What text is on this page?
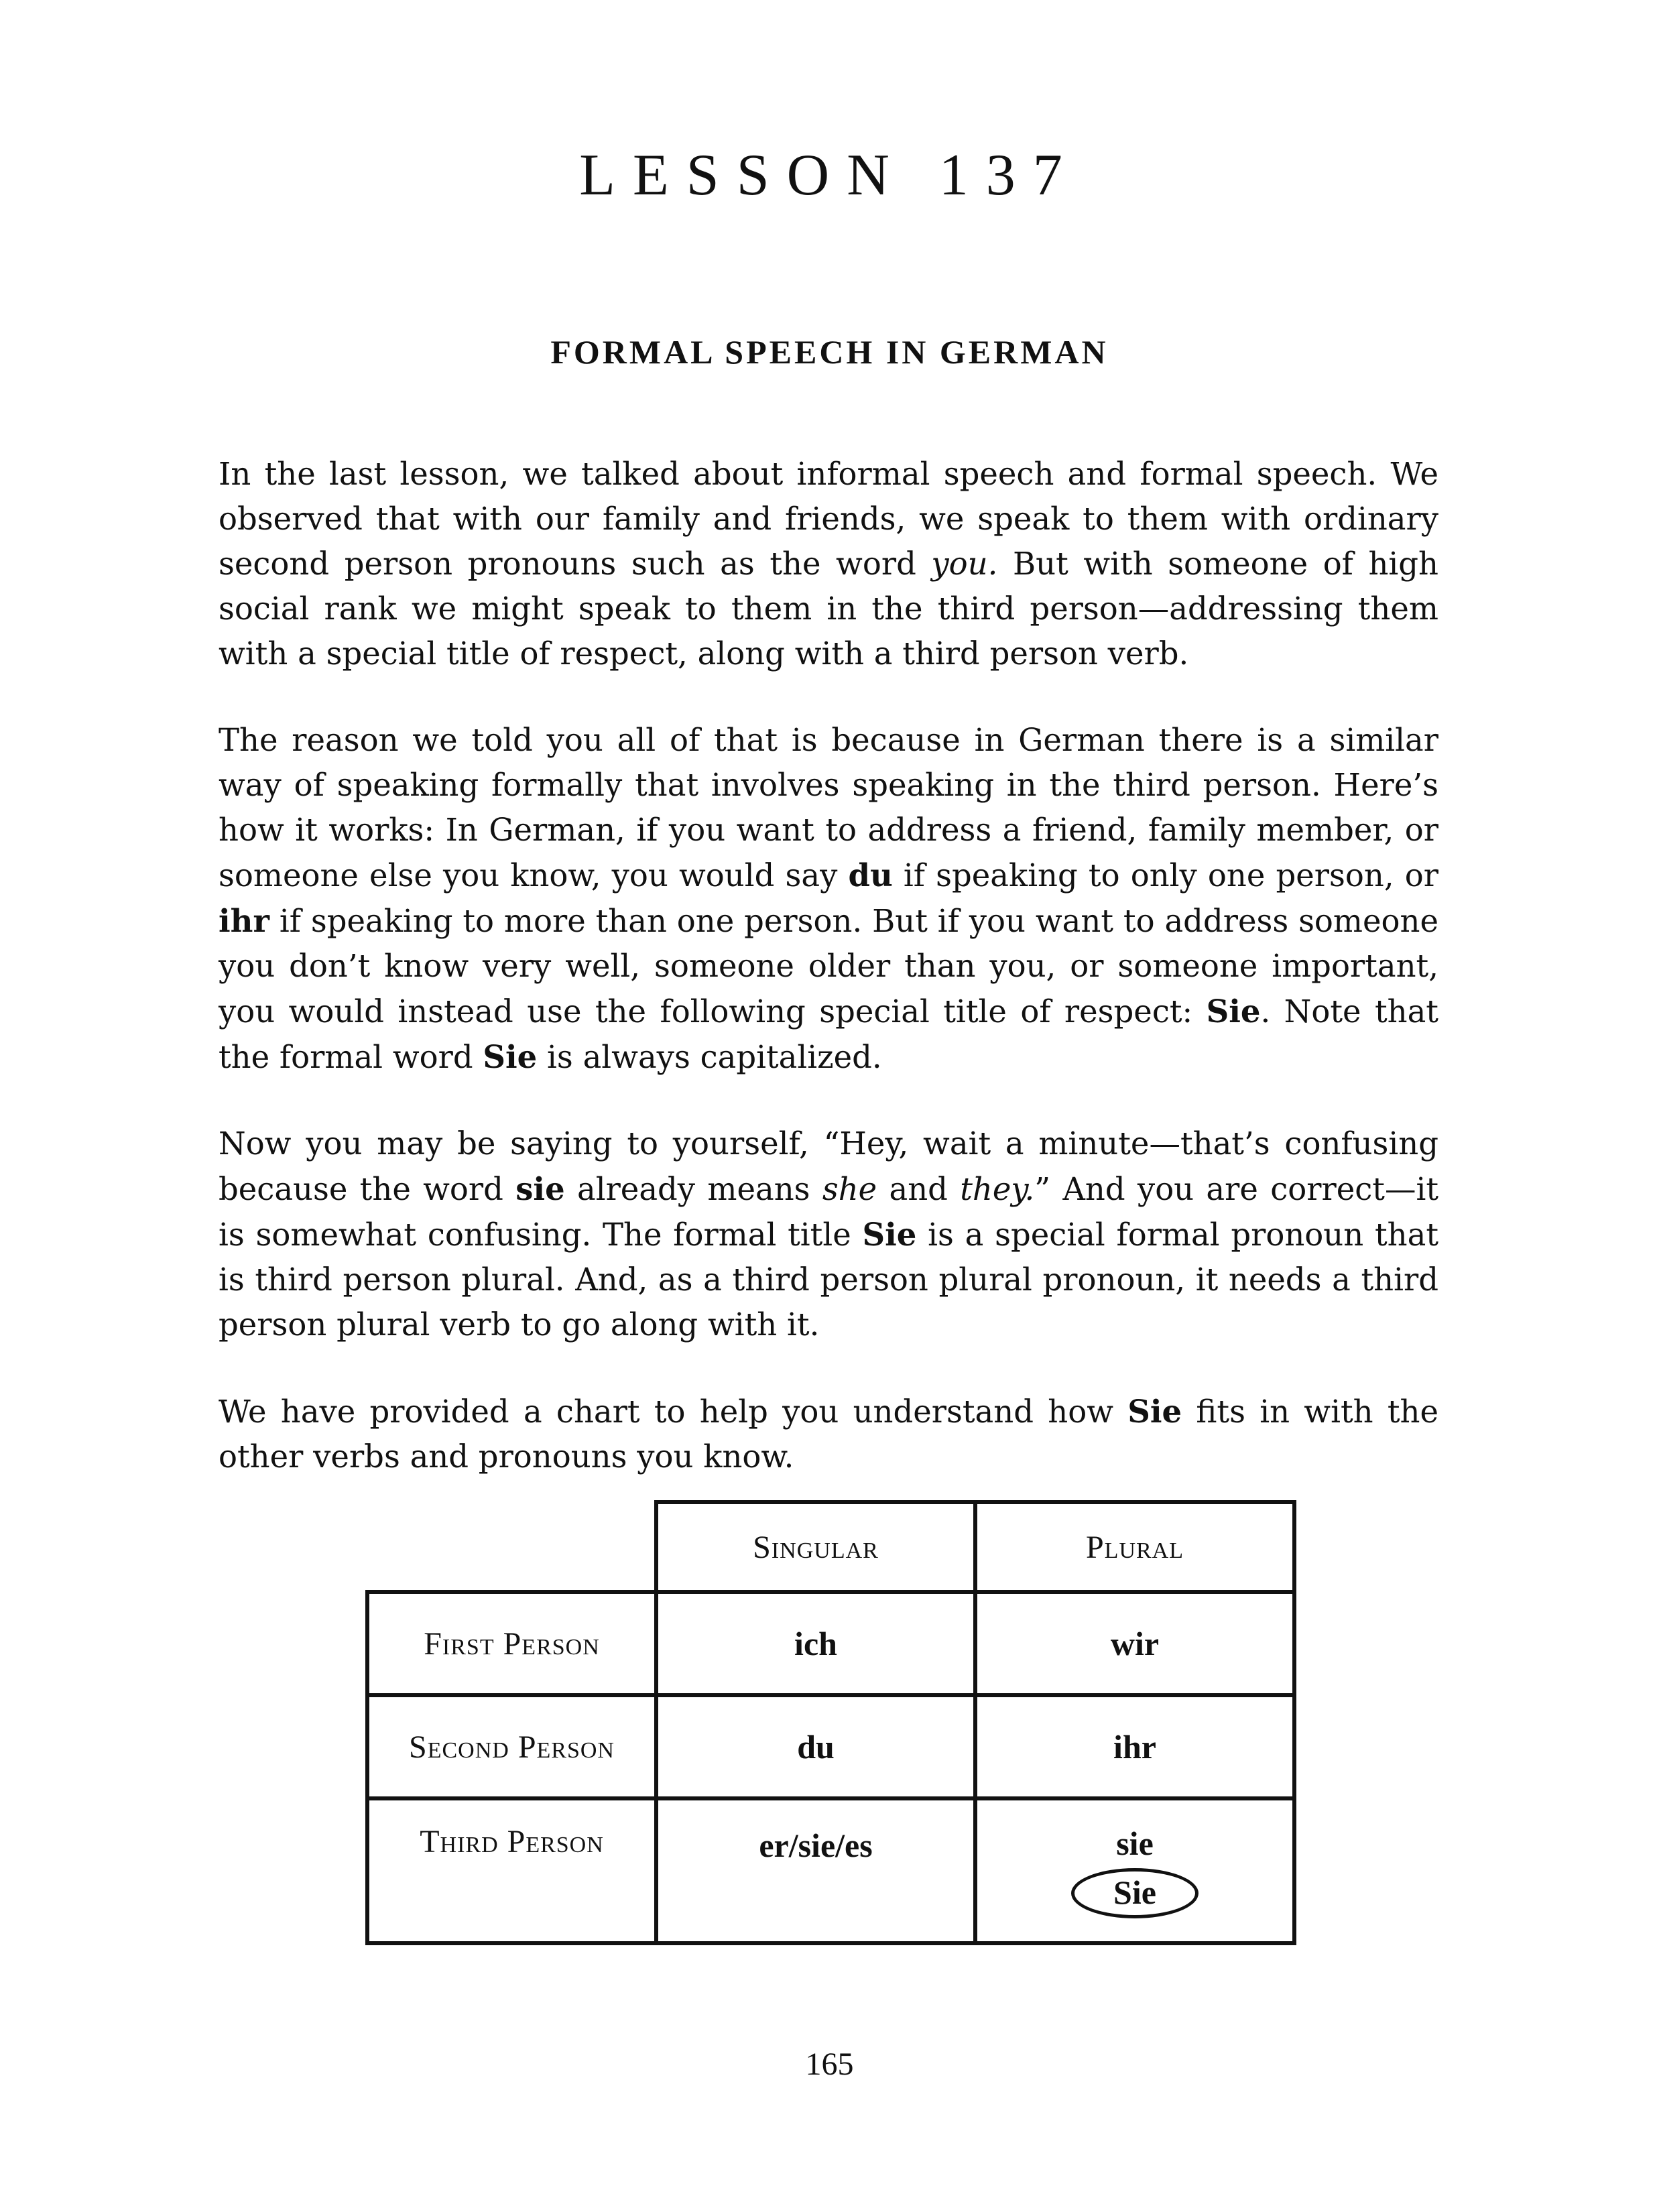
LESSON 137
FORMAL SPEECH IN GERMAN

In the last lesson, we talked about informal speech and formal speech. We observed that with our family and friends, we speak to them with ordinary second person pronouns such as the word you. But with someone of high social rank we might speak to them in the third person—addressing them with a special title of respect, along with a third person verb.

The reason we told you all of that is because in German there is a similar way of speaking formally that involves speaking in the third person. Here’s how it works: In German, if you want to address a friend, family member, or someone else you know, you would say du if speaking to only one person, or ihr if speaking to more than one person. But if you want to address someone you don’t know very well, someone older than you, or someone important, you would instead use the following special title of respect: Sie. Note that the formal word Sie is always capitalized.

Now you may be saying to yourself, “Hey, wait a minute—that’s confusing because the word sie already means she and they.” And you are correct—it is somewhat confusing. The formal title Sie is a special formal pronoun that is third person plural. And, as a third person plural pronoun, it needs a third person plural verb to go along with it.

We have provided a chart to help you understand how Sie fits in with the other verbs and pronouns you know.

	Singular	Plural
First Person	ich	wir
Second Person	du	ihr
Third Person	er/sie/es	sie
Sie
165
